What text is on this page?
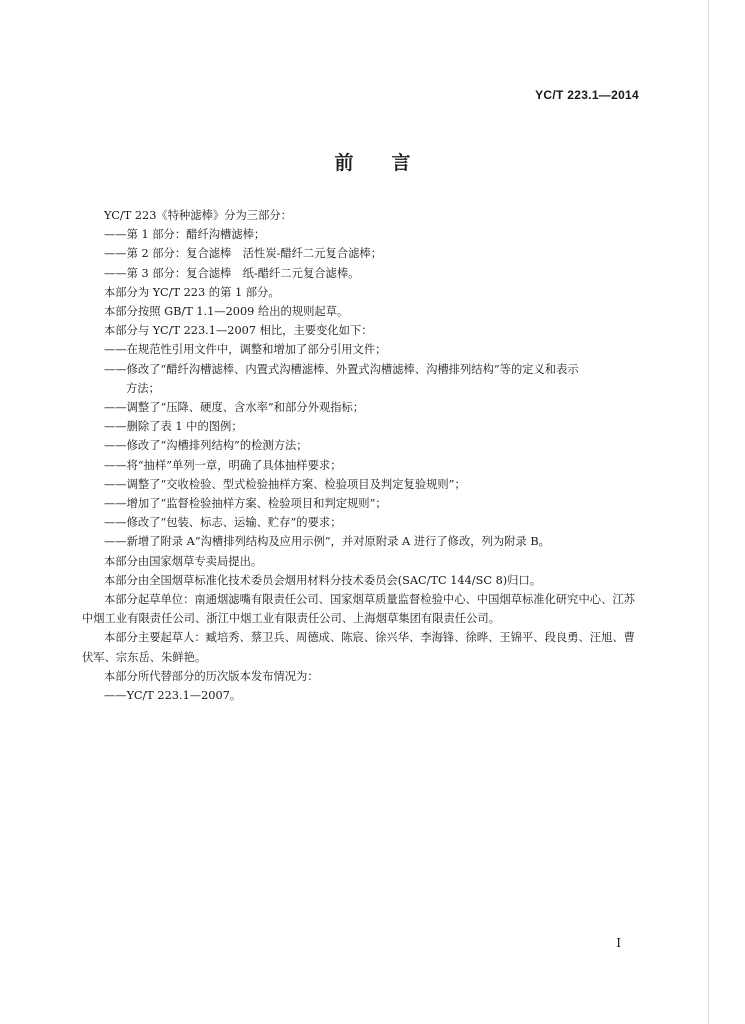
YC/T 223.1—2014
前言
YC/T 223《特种滤棒》分为三部分：
——第 1 部分：醋纤沟槽滤棒；
——第 2 部分：复合滤棒　活性炭-醋纤二元复合滤棒；
——第 3 部分：复合滤棒　纸-醋纤二元复合滤棒。
本部分为 YC/T 223 的第 1 部分。
本部分按照 GB/T 1.1—2009 给出的规则起草。
本部分与 YC/T 223.1—2007 相比，主要变化如下：
——在规范性引用文件中，调整和增加了部分引用文件；
——修改了“醋纤沟槽滤棒、内置式沟槽滤棒、外置式沟槽滤棒、沟槽排列结构”等的定义和表示
方法；
——调整了“压降、硬度、含水率”和部分外观指标；
——删除了表 1 中的图例；
——修改了“沟槽排列结构”的检测方法；
——将“抽样”单列一章，明确了具体抽样要求；
——调整了“交收检验、型式检验抽样方案、检验项目及判定复验规则”；
——增加了“监督检验抽样方案、检验项目和判定规则”；
——修改了“包装、标志、运输、贮存”的要求；
——新增了附录 A“沟槽排列结构及应用示例”，并对原附录 A 进行了修改，列为附录 B。
本部分由国家烟草专卖局提出。
本部分由全国烟草标准化技术委员会烟用材料分技术委员会(SAC/TC 144/SC 8)归口。
本部分起草单位：南通烟滤嘴有限责任公司、国家烟草质量监督检验中心、中国烟草标准化研究中心、江苏中烟工业有限责任公司、浙江中烟工业有限责任公司、上海烟草集团有限责任公司。
本部分主要起草人：臧培秀、蔡卫兵、周德成、陈宸、徐兴华、李海锋、徐晔、王锦平、段良勇、汪旭、曹伏军、宗东岳、朱鲜艳。
本部分所代替部分的历次版本发布情况为：
——YC/T 223.1—2007。
I
